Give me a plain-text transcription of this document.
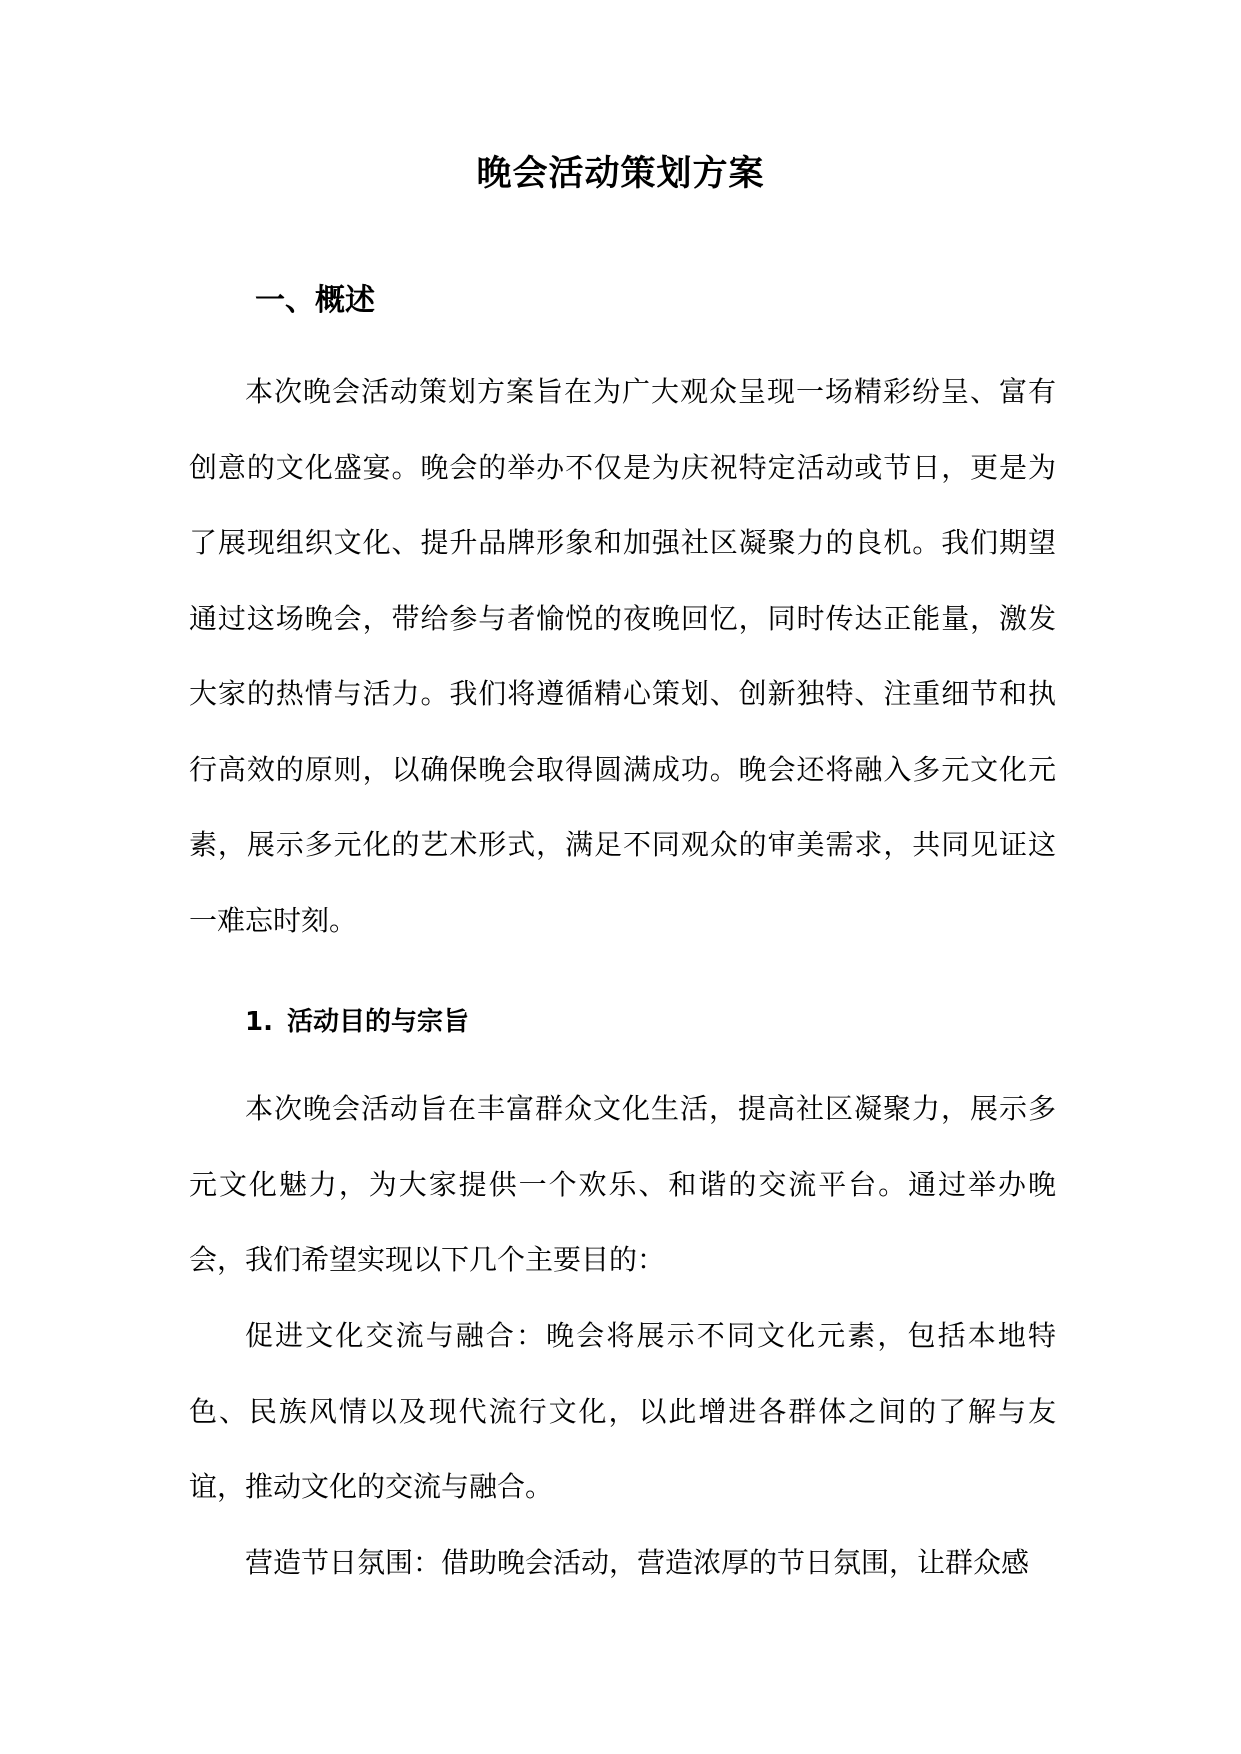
晚会活动策划方案
一、概述

本次晚会活动策划方案旨在为广大观众呈现一场精彩纷呈、富有创意的文化盛宴。晚会的举办不仅是为庆祝特定活动或节日，更是为了展现组织文化、提升品牌形象和加强社区凝聚力的良机。我们期望通过这场晚会，带给参与者愉悦的夜晚回忆，同时传达正能量，激发大家的热情与活力。我们将遵循精心策划、创新独特、注重细节和执行高效的原则，以确保晚会取得圆满成功。晚会还将融入多元文化元素，展示多元化的艺术形式，满足不同观众的审美需求，共同见证这一难忘时刻。

1. 活动目的与宗旨

本次晚会活动旨在丰富群众文化生活，提高社区凝聚力，展示多元文化魅力，为大家提供一个欢乐、和谐的交流平台。通过举办晚会，我们希望实现以下几个主要目的：

促进文化交流与融合：晚会将展示不同文化元素，包括本地特色、民族风情以及现代流行文化，以此增进各群体之间的了解与友谊，推动文化的交流与融合。

营造节日氛围：借助晚会活动，营造浓厚的节日氛围，让群众感
